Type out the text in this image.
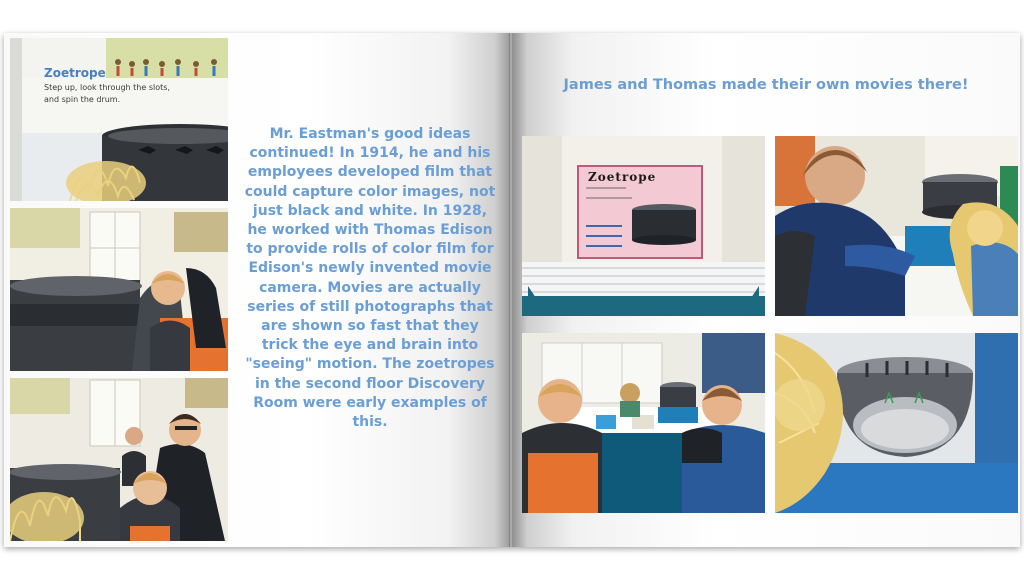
Zoetrope
Step up, look through the slots,
and spin the drum.
Mr. Eastman's good ideas continued! In 1914, he and his employees developed film that could capture color images, not just black and white. In 1928, he worked with Thomas Edison to provide rolls of color film for Edison's newly invented movie camera. Movies are actually series of still photographs that are shown so fast that they trick the eye and brain into "seeing" motion. The zoetropes in the second floor Discovery Room were early examples of this.
James and Thomas made their own movies there!
Zoetrope
